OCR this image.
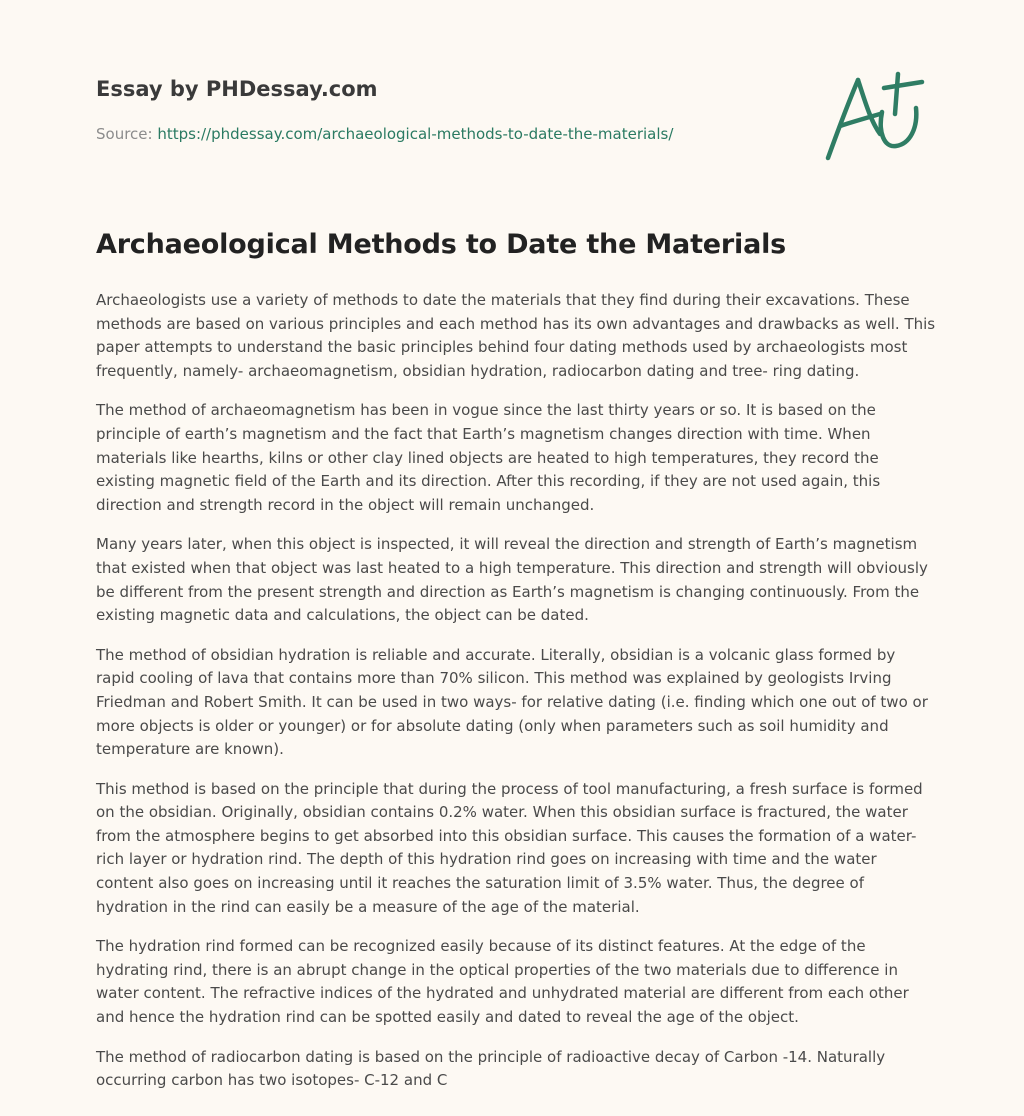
Essay by PHDessay.com
Source: https://phdessay.com/archaeological-methods-to-date-the-materials/
Archaeological Methods to Date the Materials

Archaeologists use a variety of methods to date the materials that they find during their excavations. These methods are based on various principles and each method has its own advantages and drawbacks as well. This paper attempts to understand the basic principles behind four dating methods used by archaeologists most frequently, namely- archaeomagnetism, obsidian hydration, radiocarbon dating and tree- ring dating.

The method of archaeomagnetism has been in vogue since the last thirty years or so. It is based on the principle of earth’s magnetism and the fact that Earth’s magnetism changes direction with time. When materials like hearths, kilns or other clay lined objects are heated to high temperatures, they record the existing magnetic field of the Earth and its direction. After this recording, if they are not used again, this direction and strength record in the object will remain unchanged.

Many years later, when this object is inspected, it will reveal the direction and strength of Earth’s magnetism that existed when that object was last heated to a high temperature. This direction and strength will obviously be different from the present strength and direction as Earth’s magnetism is changing continuously. From the existing magnetic data and calculations, the object can be dated.

The method of obsidian hydration is reliable and accurate. Literally, obsidian is a volcanic glass formed by rapid cooling of lava that contains more than 70% silicon. This method was explained by geologists Irving Friedman and Robert Smith. It can be used in two ways- for relative dating (i.e. finding which one out of two or more objects is older or younger) or for absolute dating (only when parameters such as soil humidity and temperature are known).

This method is based on the principle that during the process of tool manufacturing, a fresh surface is formed on the obsidian. Originally, obsidian contains 0.2% water. When this obsidian surface is fractured, the water from the atmosphere begins to get absorbed into this obsidian surface. This causes the formation of a water- rich layer or hydration rind. The depth of this hydration rind goes on increasing with time and the water content also goes on increasing until it reaches the saturation limit of 3.5% water. Thus, the degree of hydration in the rind can easily be a measure of the age of the material.

The hydration rind formed can be recognized easily because of its distinct features. At the edge of the hydrating rind, there is an abrupt change in the optical properties of the two materials due to difference in water content. The refractive indices of the hydrated and unhydrated material are different from each other and hence the hydration rind can be spotted easily and dated to reveal the age of the object.

The method of radiocarbon dating is based on the principle of radioactive decay of Carbon -14. Naturally occurring carbon has two isotopes- C-12 and C
